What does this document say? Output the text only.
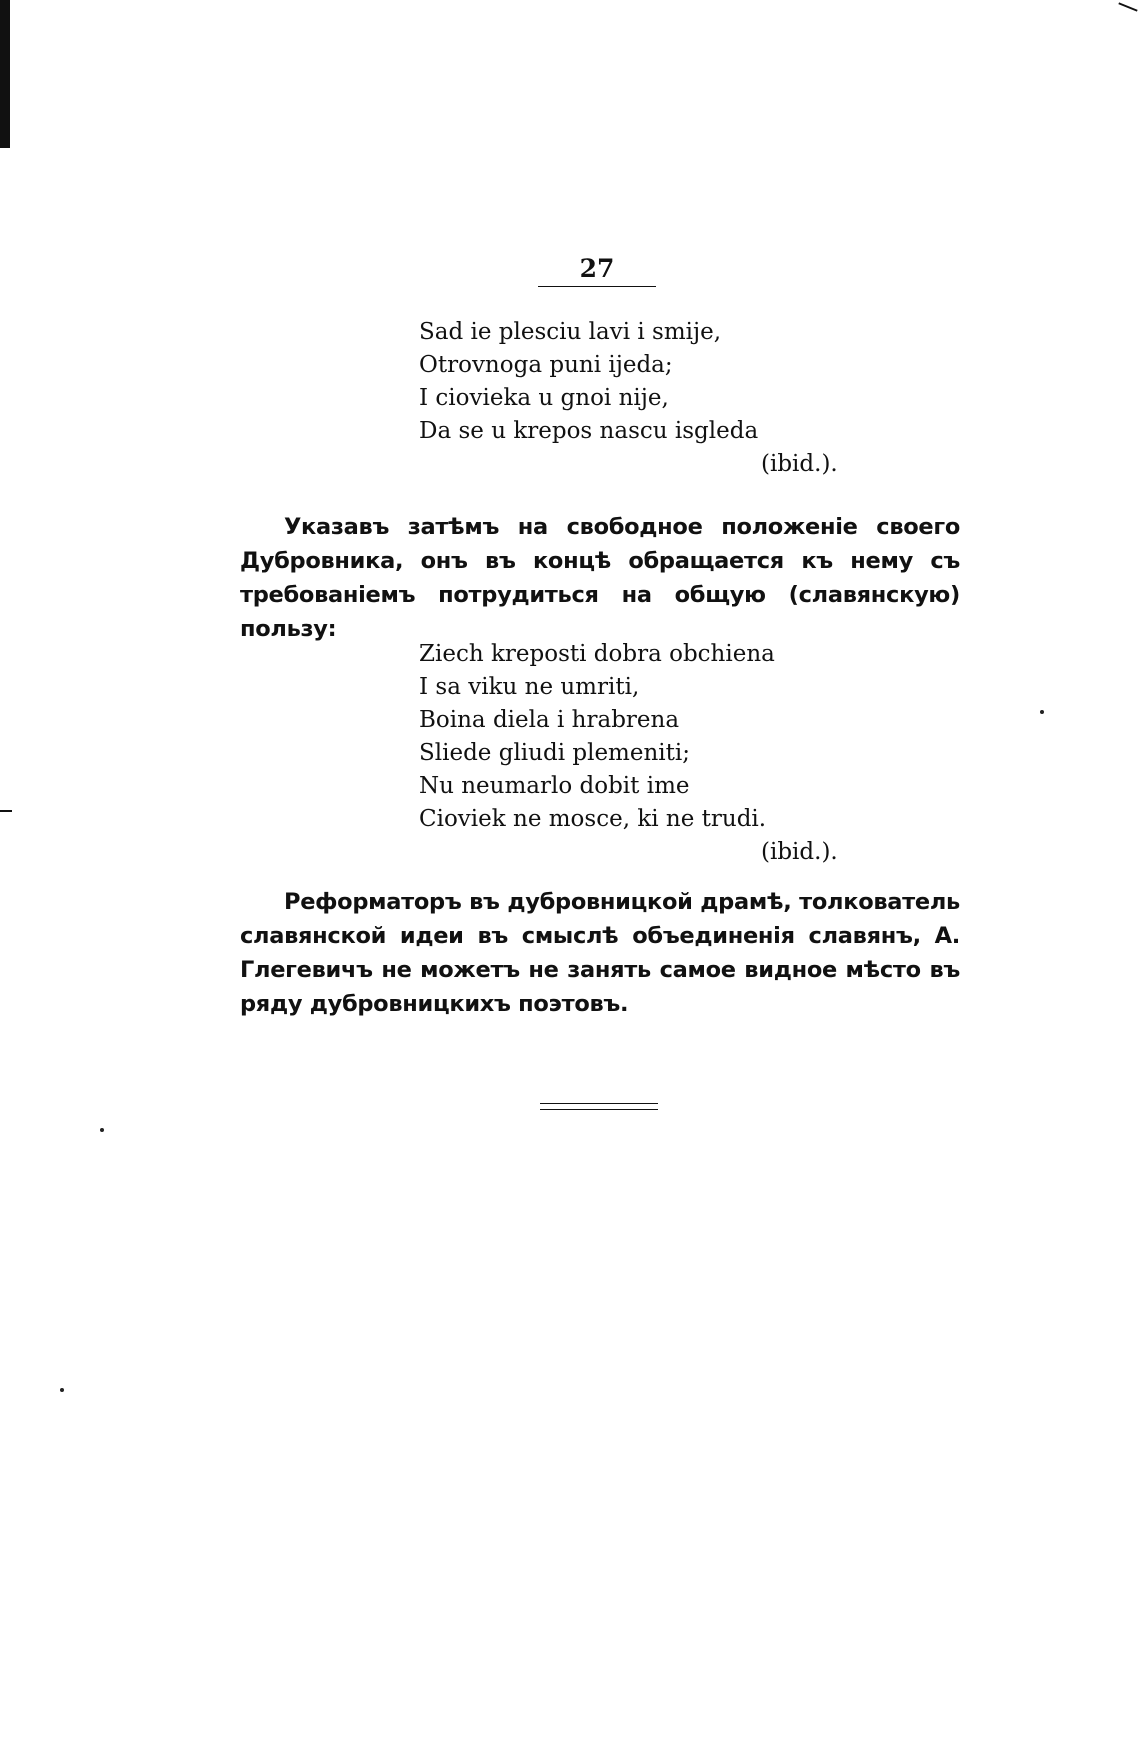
27
Sad ie plesciu lavi i smije,
Otrovnoga puni ijeda;
I ciovieka u gnoi nije,
Da se u krepos nascu isgleda
(ibid.).

Указавъ затѣмъ на свободное положеніе своего Дубровника, онъ въ концѣ обращается къ нему съ требованіемъ потрудиться на общую (славянскую) пользу:

Ziech kreposti dobra obchiena
I sa viku ne umriti,
Boina diela i hrabrena
Sliede gliudi plemeniti;
Nu neumarlo dobit ime
Cioviek ne mosce, ki ne trudi.
(ibid.).

Реформаторъ въ дубровницкой драмѣ, толкователь славянской идеи въ смыслѣ объединенія славянъ, А. Глегевичъ не можетъ не занять самое видное мѣсто въ ряду дубровницкихъ поэтовъ.
